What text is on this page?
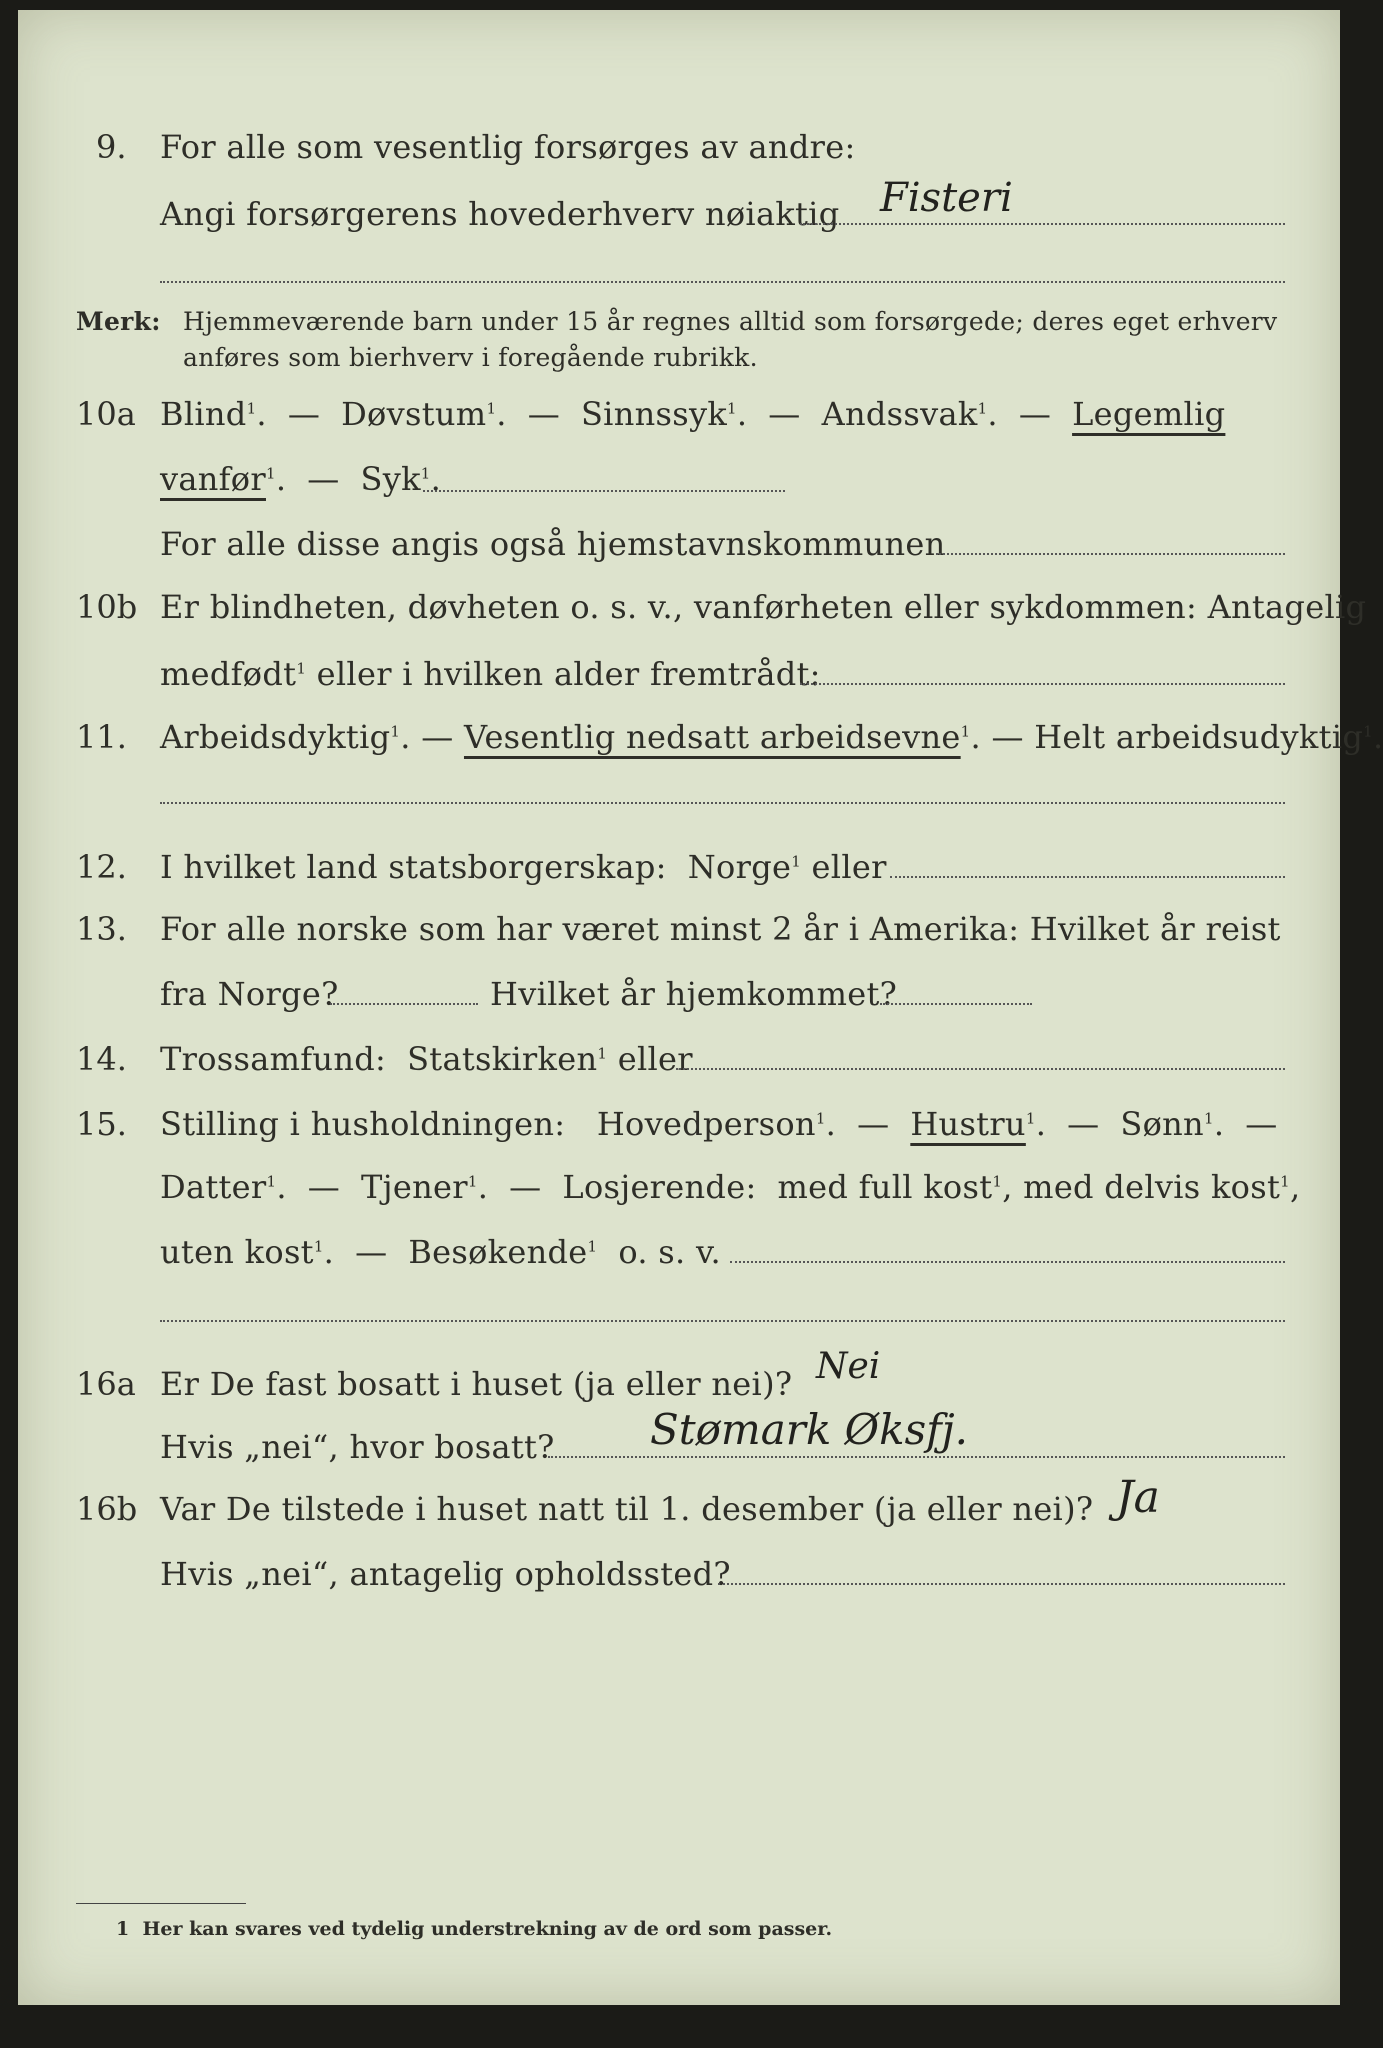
9. For alle som vesentlig forsørges av andre:
Angi forsørgerens hovederhverv nøiaktig Fisteri
Merk: Hjemmeværende barn under 15 år regnes alltid som forsørgede; deres eget erhverv
anføres som bierhverv i foregående rubrikk.
10a Blind$^1$.  —  Døvstum$^1$.  —  Sinnssyk$^1$.  —  Andssvak$^1$.  —  Legemlig
vanfør$^1$.  —  Syk$^1$.
For alle disse angis også hjemstavnskommunen
10b Er blindheten, døvheten o. s. v., vanførheten eller sykdommen: Antagelig
medfødt$^1$ eller i hvilken alder fremtrådt:
11. Arbeidsdyktig$^1$. — Vesentlig nedsatt arbeidsevne$^1$. — Helt arbeidsudyktig$^1$.
12. I hvilket land statsborgerskap: Norge$^1$ eller
13. For alle norske som har været minst 2 år i Amerika: Hvilket år reist
fra Norge?	Hvilket år hjemkommet?
14. Trossamfund: Statskirken$^1$ eller
15. Stilling i husholdningen: Hovedperson$^1$.  —  Hustru$^1$.  —  Sønn$^1$.  —
Datter$^1$.  —  Tjener$^1$.  —  Losjerende: med full kost$^1$, med delvis kost$^1$,
uten kost$^1$.  —  Besøkende$^1$ o. s. v.
16a Er De fast bosatt i huset (ja eller nei)? Nei
Hvis „nei“, hvor bosatt? Stømark Øksfj.
16b Var De tilstede i huset natt til 1. desember (ja eller nei)? Ja
Hvis „nei“, antagelig opholdssted?
1 Her kan svares ved tydelig understrekning av de ord som passer.
